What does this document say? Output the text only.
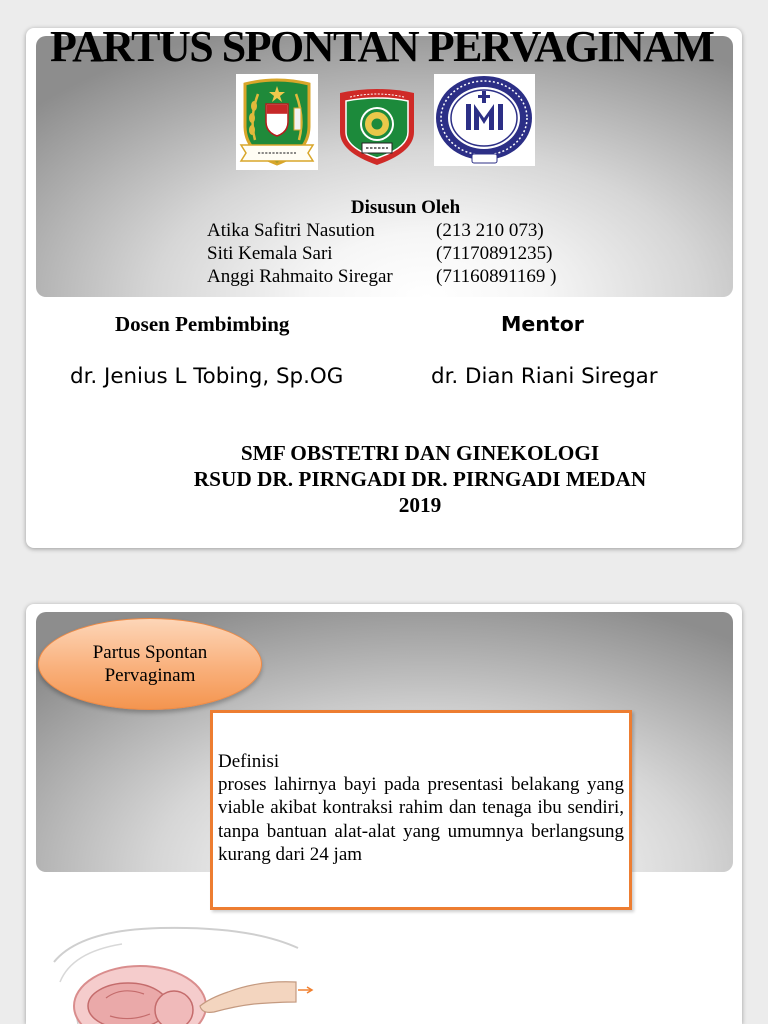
PARTUS SPONTAN PERVAGINAM
Disusun Oleh
Atika Safitri Nasution	(213 210 073)
Siti Kemala Sari	(71170891235)
Anggi Rahmaito Siregar	(71160891169 )
Dosen Pembimbing	Mentor
dr. Jenius L Tobing, Sp.OG	dr. Dian Riani Siregar
SMF OBSTETRI DAN GINEKOLOGI
RSUD DR. PIRNGADI DR. PIRNGADI MEDAN
2019
Partus Spontan
Pervaginam
Definisi

proses lahirnya bayi pada presentasi belakang yang viable akibat kontraksi rahim dan tenaga ibu sendiri, tanpa bantuan alat-alat yang umumnya berlangsung kurang dari 24 jam
